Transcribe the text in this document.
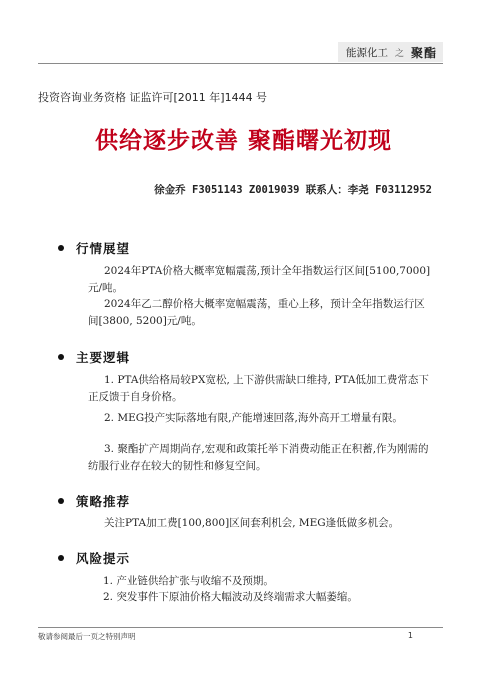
能源化工 之 聚酯
投资咨询业务资格 证监许可[2011 年]1444 号
供给逐步改善 聚酯曙光初现
徐金乔 F3051143 Z0019039 联系人：李尧 F03112952
行情展望
2024年PTA价格大概率宽幅震荡,预计全年指数运行区间[5100,7000]元/吨。
2024年乙二醇价格大概率宽幅震荡，重心上移，预计全年指数运行区间[3800, 5200]元/吨。
主要逻辑
1. PTA供给格局较PX宽松, 上下游供需缺口维持, PTA低加工费常态下正反馈于自身价格。
2. MEG投产实际落地有限,产能增速回落,海外高开工增量有限。
3. 聚酯扩产周期尚存,宏观和政策托举下消费动能正在积蓄,作为刚需的纺服行业存在较大的韧性和修复空间。
策略推荐
关注PTA加工费[100,800]区间套利机会, MEG逢低做多机会。
风险提示
1. 产业链供给扩张与收缩不及预期。
2. 突发事件下原油价格大幅波动及终端需求大幅萎缩。
敬请参阅最后一页之特别声明	1
